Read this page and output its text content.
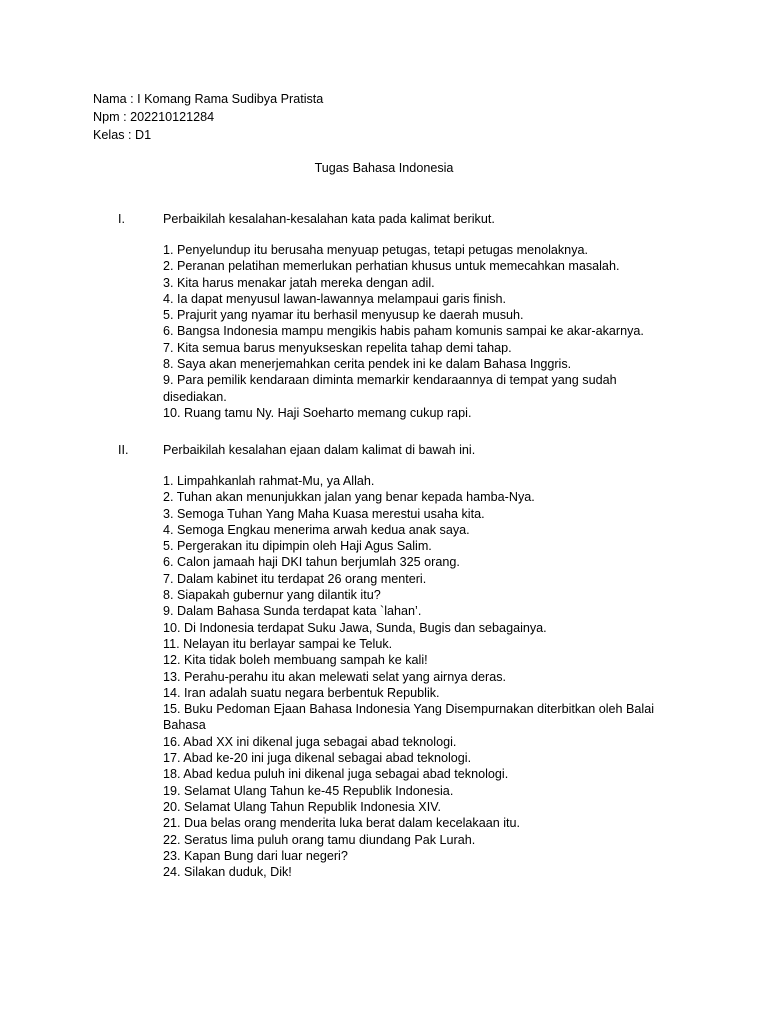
Nama : I Komang Rama Sudibya Pratista
Npm : 202210121284
Kelas : D1
Tugas Bahasa Indonesia
I.	Perbaikilah kesalahan-kesalahan kata pada kalimat berikut.
1. Penyelundup itu berusaha menyuap petugas, tetapi petugas menolaknya.
2. Peranan pelatihan memerlukan perhatian khusus untuk memecahkan masalah.
3. Kita harus menakar jatah mereka dengan adil.
4. Ia dapat menyusul lawan-lawannya melampaui garis finish.
5. Prajurit yang nyamar itu berhasil menyusup ke daerah musuh.
6. Bangsa Indonesia mampu mengikis habis paham komunis sampai ke akar-akarnya.
7. Kita semua barus menyukseskan repelita tahap demi tahap.
8. Saya akan menerjemahkan cerita pendek ini ke dalam Bahasa Inggris.
9. Para pemilik kendaraan diminta memarkir kendaraannya di tempat yang sudah disediakan.
10. Ruang tamu Ny. Haji Soeharto memang cukup rapi.
II.	Perbaikilah kesalahan ejaan dalam kalimat di bawah ini.
1. Limpahkanlah rahmat-Mu, ya Allah.
2. Tuhan akan menunjukkan jalan yang benar kepada hamba-Nya.
3. Semoga Tuhan Yang Maha Kuasa merestui usaha kita.
4. Semoga Engkau menerima arwah kedua anak saya.
5. Pergerakan itu dipimpin oleh Haji Agus Salim.
6. Calon jamaah haji DKI tahun berjumlah 325 orang.
7. Dalam kabinet itu terdapat 26 orang menteri.
8. Siapakah gubernur yang dilantik itu?
9. Dalam Bahasa Sunda terdapat kata `lahan’.
10. Di Indonesia terdapat Suku Jawa, Sunda, Bugis dan sebagainya.
11. Nelayan itu berlayar sampai ke Teluk.
12. Kita tidak boleh membuang sampah ke kali!
13. Perahu-perahu itu akan melewati selat yang airnya deras.
14. Iran adalah suatu negara berbentuk Republik.
15. Buku Pedoman Ejaan Bahasa Indonesia Yang Disempurnakan diterbitkan oleh Balai Bahasa
16. Abad XX ini dikenal juga sebagai abad teknologi.
17. Abad ke-20 ini juga dikenal sebagai abad teknologi.
18. Abad kedua puluh ini dikenal juga sebagai abad teknologi.
19. Selamat Ulang Tahun ke-45 Republik Indonesia.
20. Selamat Ulang Tahun Republik Indonesia XIV.
21. Dua belas orang menderita luka berat dalam kecelakaan itu.
22. Seratus lima puluh orang tamu diundang Pak Lurah.
23. Kapan Bung dari luar negeri?
24. Silakan duduk, Dik!
